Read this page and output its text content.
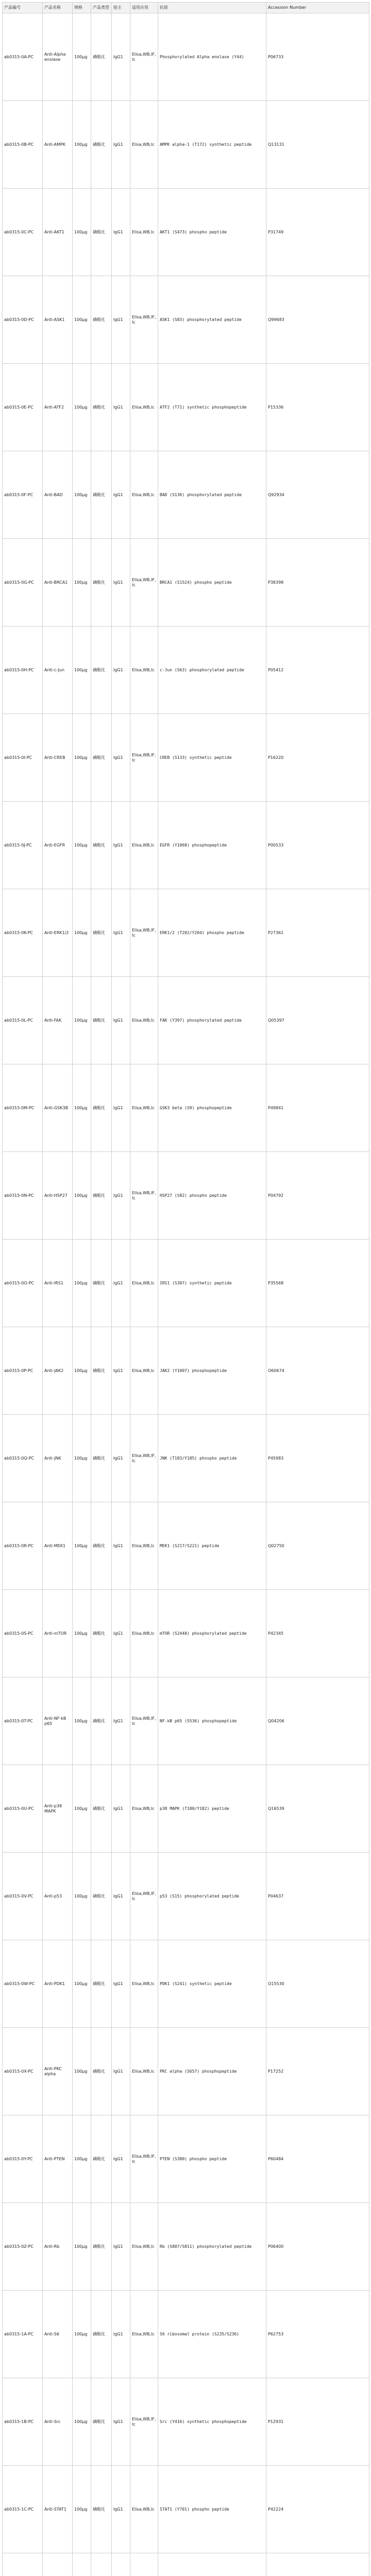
产品编号	产品名称	规格	产品类型	宿主	适用应用	抗原	Accession Number
ab0315-0A-PC	Anti-Alpha enolase	100μg	磷酸化	IgG1	Elisa,WB,IF,Ic	Phosphorylated Alpha enolase (Y44)	P06733
ab0315-0B-PC	Anti-AMPK	100μg	磷酸化	IgG1	Elisa,WB,Ic	AMPK alpha-1 (T172) synthetic peptide	Q13131
ab0315-0C-PC	Anti-AKT1	100μg	磷酸化	IgG1	Elisa,WB,Ic	AKT1 (S473) phospho peptide	P31749
ab0315-0D-PC	Anti-ASK1	100μg	磷酸化	IgG1	Elisa,WB,IF,Ic	ASK1 (S83) phosphorylated peptide	Q99683
ab0315-0E-PC	Anti-ATF2	100μg	磷酸化	IgG1	Elisa,WB,Ic	ATF2 (T71) synthetic phosphopeptide	P15336
ab0315-0F-PC	Anti-BAD	100μg	磷酸化	IgG1	Elisa,WB,Ic	BAD (S136) phosphorylated peptide	Q92934
ab0315-0G-PC	Anti-BRCA1	100μg	磷酸化	IgG1	Elisa,WB,IF,Ic	BRCA1 (S1524) phospho peptide	P38398
ab0315-0H-PC	Anti-c-Jun	100μg	磷酸化	IgG1	Elisa,WB,Ic	c-Jun (S63) phosphorylated peptide	P05412
ab0315-0I-PC	Anti-CREB	100μg	磷酸化	IgG1	Elisa,WB,IF,Ic	CREB (S133) synthetic peptide	P16220
ab0315-0J-PC	Anti-EGFR	100μg	磷酸化	IgG1	Elisa,WB,Ic	EGFR (Y1068) phosphopeptide	P00533
ab0315-0K-PC	Anti-ERK1/2	100μg	磷酸化	IgG1	Elisa,WB,IF,Ic	ERK1/2 (T202/Y204) phospho peptide	P27361
ab0315-0L-PC	Anti-FAK	100μg	磷酸化	IgG1	Elisa,WB,Ic	FAK (Y397) phosphorylated peptide	Q05397
ab0315-0M-PC	Anti-GSK3B	100μg	磷酸化	IgG1	Elisa,WB,Ic	GSK3 beta (S9) phosphopeptide	P49841
ab0315-0N-PC	Anti-HSP27	100μg	磷酸化	IgG1	Elisa,WB,IF,Ic	HSP27 (S82) phospho peptide	P04792
ab0315-0O-PC	Anti-IRS1	100μg	磷酸化	IgG1	Elisa,WB,Ic	IRS1 (S307) synthetic peptide	P35568
ab0315-0P-PC	Anti-JAK2	100μg	磷酸化	IgG1	Elisa,WB,Ic	JAK2 (Y1007) phosphopeptide	O60674
ab0315-0Q-PC	Anti-JNK	100μg	磷酸化	IgG1	Elisa,WB,IF,Ic	JNK (T183/Y185) phospho peptide	P45983
ab0315-0R-PC	Anti-MEK1	100μg	磷酸化	IgG1	Elisa,WB,Ic	MEK1 (S217/S221) peptide	Q02750
ab0315-0S-PC	Anti-mTOR	100μg	磷酸化	IgG1	Elisa,WB,Ic	mTOR (S2448) phosphorylated peptide	P42345
ab0315-0T-PC	Anti-NF-kB p65	100μg	磷酸化	IgG1	Elisa,WB,IF,Ic	NF-kB p65 (S536) phosphopeptide	Q04206
ab0315-0U-PC	Anti-p38 MAPK	100μg	磷酸化	IgG1	Elisa,WB,Ic	p38 MAPK (T180/Y182) peptide	Q16539
ab0315-0V-PC	Anti-p53	100μg	磷酸化	IgG1	Elisa,WB,IF,Ic	p53 (S15) phosphorylated peptide	P04637
ab0315-0W-PC	Anti-PDK1	100μg	磷酸化	IgG1	Elisa,WB,Ic	PDK1 (S241) synthetic peptide	O15530
ab0315-0X-PC	Anti-PKC alpha	100μg	磷酸化	IgG1	Elisa,WB,Ic	PKC alpha (S657) phosphopeptide	P17252
ab0315-0Y-PC	Anti-PTEN	100μg	磷酸化	IgG1	Elisa,WB,IF,Ic	PTEN (S380) phospho peptide	P60484
ab0315-0Z-PC	Anti-Rb	100μg	磷酸化	IgG1	Elisa,WB,Ic	Rb (S807/S811) phosphorylated peptide	P06400
ab0315-1A-PC	Anti-S6	100μg	磷酸化	IgG1	Elisa,WB,Ic	S6 ribosomal protein (S235/S236)	P62753
ab0315-1B-PC	Anti-Src	100μg	磷酸化	IgG1	Elisa,WB,IF,Ic	Src (Y416) synthetic phosphopeptide	P12931
ab0315-1C-PC	Anti-STAT1	100μg	磷酸化	IgG1	Elisa,WB,Ic	STAT1 (Y701) phospho peptide	P42224
